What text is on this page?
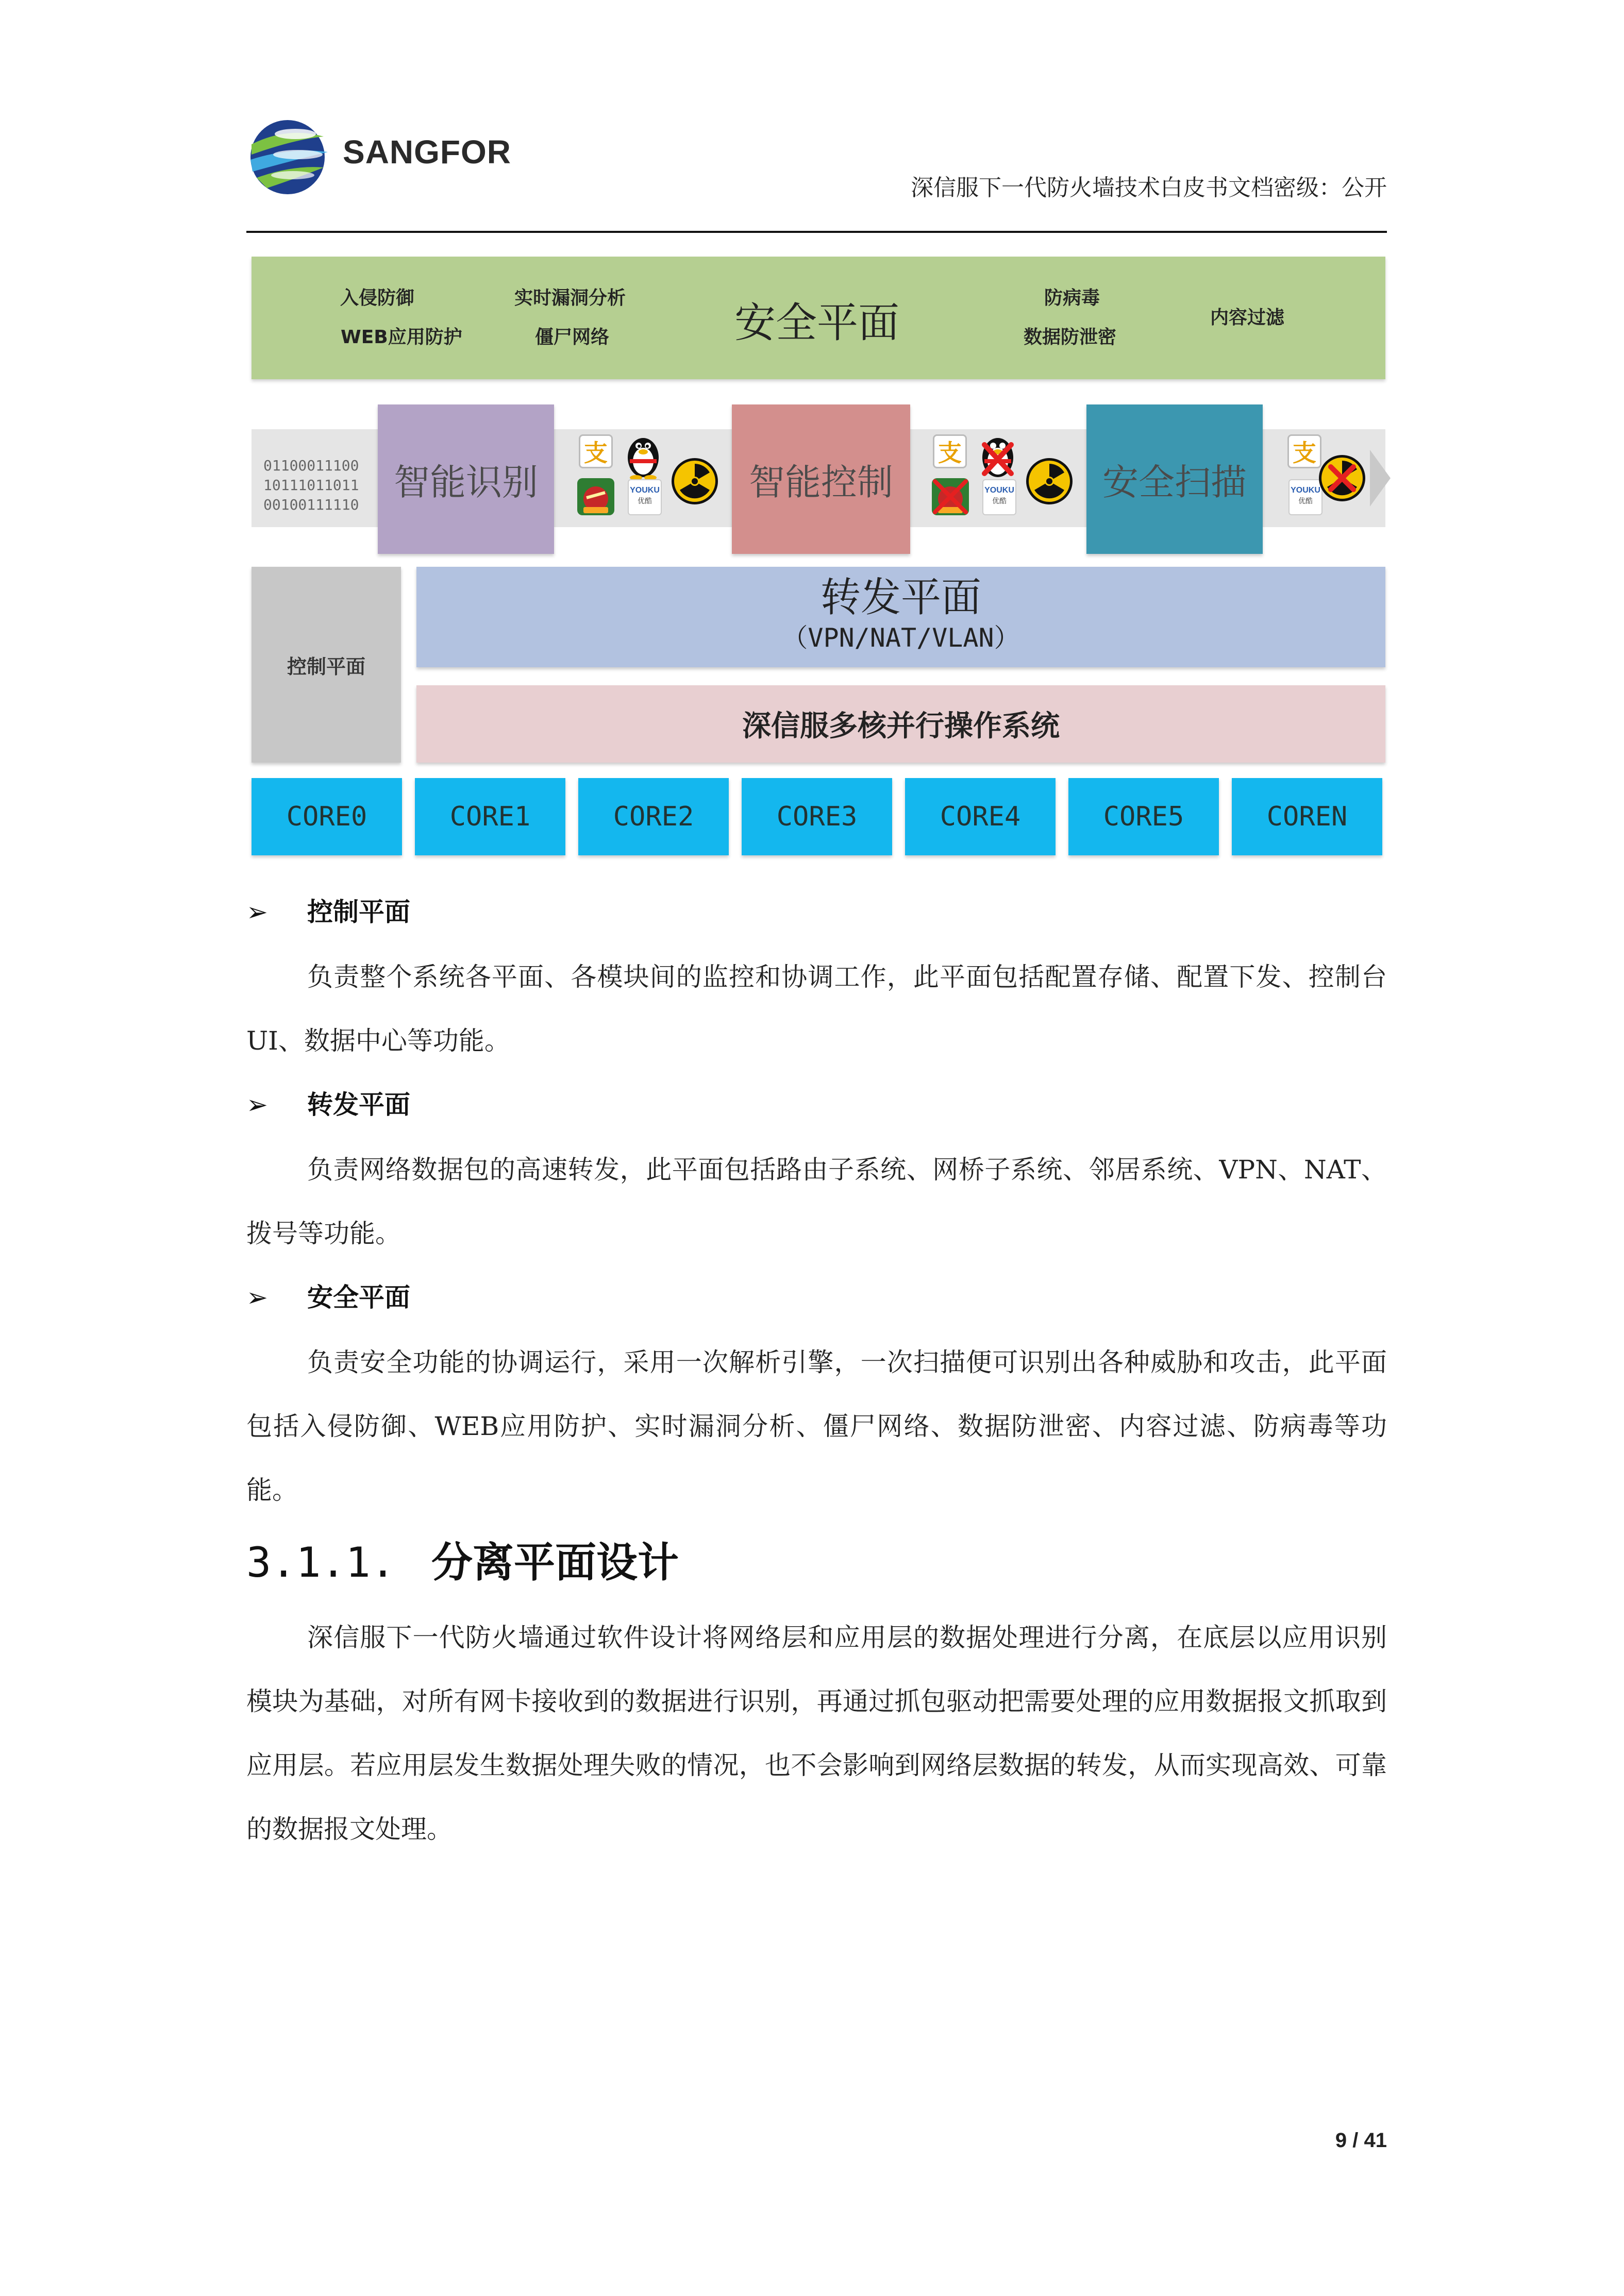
SANGFOR
深信服下一代防火墙技术白皮书文档密级：公开
入侵防御
WEB应用防护
实时漏洞分析
僵尸网络	安全平面
防病毒
数据防泄密
内容过滤
01100011100
10111011011
00100111110
智能识别	智能控制	安全扫描
支
YOUKU
优酷
支
YOUKU
优酷
支
YOUKU
优酷
控制平面
转发平面
（VPN/NAT/VLAN）
深信服多核并行操作系统
CORE0	CORE1	CORE2	CORE3	CORE4	CORE5	COREN
➢ 控制平面

负责整个系统各平面、各模块间的监控和协调工作，此平面包括配置存储、配置下发、控制台UI、数据中心等功能。

➢ 转发平面

负责网络数据包的高速转发，此平面包括路由子系统、网桥子系统、邻居系统、VPN、NAT、拨号等功能。

➢ 安全平面

负责安全功能的协调运行，采用一次解析引擎，一次扫描便可识别出各种威胁和攻击，此平面包括入侵防御、WEB应用防护、实时漏洞分析、僵尸网络、数据防泄密、内容过滤、防病毒等功能。

3.1.1. 分离平面设计

深信服下一代防火墙通过软件设计将网络层和应用层的数据处理进行分离，在底层以应用识别模块为基础，对所有网卡接收到的数据进行识别，再通过抓包驱动把需要处理的应用数据报文抓取到应用层。若应用层发生数据处理失败的情况，也不会影响到网络层数据的转发，从而实现高效、可靠的数据报文处理。

9 / 41
